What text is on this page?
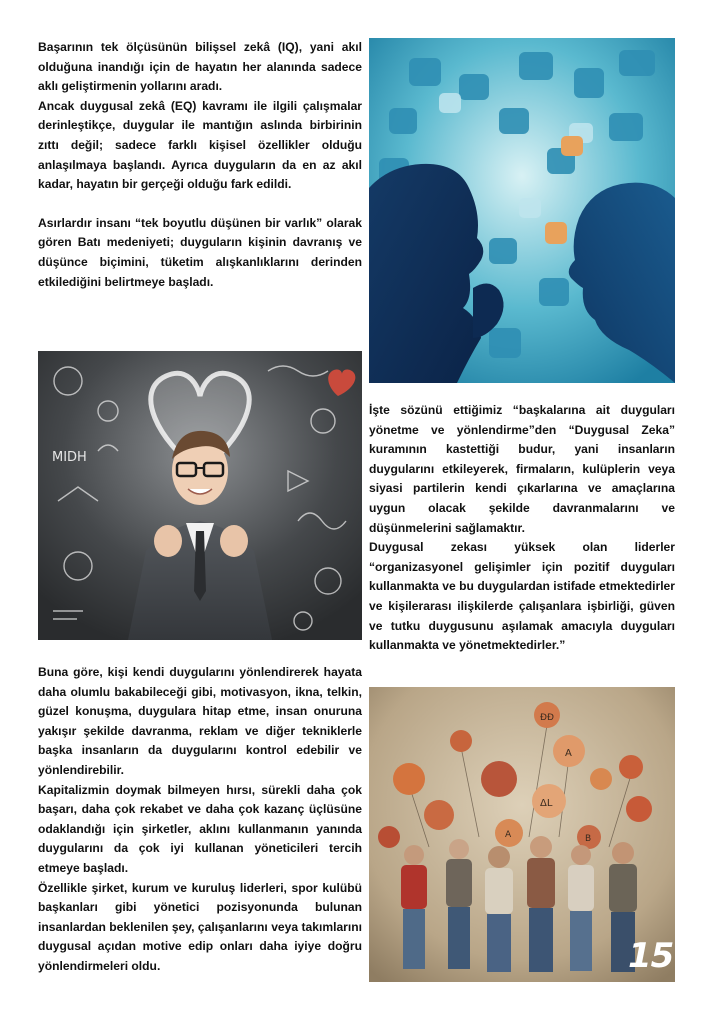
Başarının tek ölçüsünün bilişsel zekâ (IQ), yani akıl olduğuna inandığı için de hayatın her alanında sadece aklı geliştirmenin yollarını aradı.

Ancak duygusal zekâ (EQ) kavramı ile ilgili çalışmalar derinleştikçe, duygular ile mantığın aslında birbirinin zıttı değil; sadece farklı kişisel özellikler olduğu anlaşılmaya başlandı. Ayrıca duyguların da en az akıl kadar, hayatın bir gerçeği olduğu fark edildi.

Asırlardır insanı “tek boyutlu düşünen bir varlık” olarak gören Batı medeniyeti; duyguların kişinin davranış ve düşünce biçimini, tüketim alışkanlıklarını derinden etkilediğini belirtmeye başladı.

MIDH

İşte sözünü ettiğimiz “başkalarına ait duyguları yönetme ve yönlendirme”den “Duygusal Zeka” kuramının kastettiği budur, yani insanların duygularını etkileyerek, firmaların, kulüplerin veya siyasi partilerin kendi çıkarlarına ve amaçlarına uygun olacak şekilde davranmalarını ve düşünmelerini sağlamaktır.

Duygusal zekası yüksek olan liderler “organizasyonel gelişimler için pozitif duyguları kullanmakta ve bu duygulardan istifade etmektedirler ve kişilerarası ilişkilerde çalışanlara işbirliği, güven ve tutku duygusunu aşılamak amacıyla duyguları kullanmakta ve yönetmektedirler.”

Buna göre, kişi kendi duygularını yönlendirerek hayata daha olumlu bakabileceği gibi, motivasyon, ikna, telkin, güzel konuşma, duygulara hitap etme, insan onuruna yakışır şekilde davranma, reklam ve diğer tekniklerle başka insanların da duygularını kontrol edebilir ve yönlendirebilir.

Kapitalizmin doymak bilmeyen hırsı, sürekli daha çok başarı, daha çok rekabet ve daha çok kazanç üçlüsüne odaklandığı için şirketler, aklını kullanmanın yanında duygularını da çok iyi kullanan yöneticileri tercih etmeye başladı.

Özellikle şirket, kurum ve kuruluş liderleri, spor kulübü başkanları gibi yönetici pozisyonunda bulunan insanlardan beklenilen şey, çalışanlarını veya takımlarını duygusal açıdan motive edip onları daha iyiye doğru yönlendirmeleri oldu.

ÐÐ
A
ΔL
A	B
15
